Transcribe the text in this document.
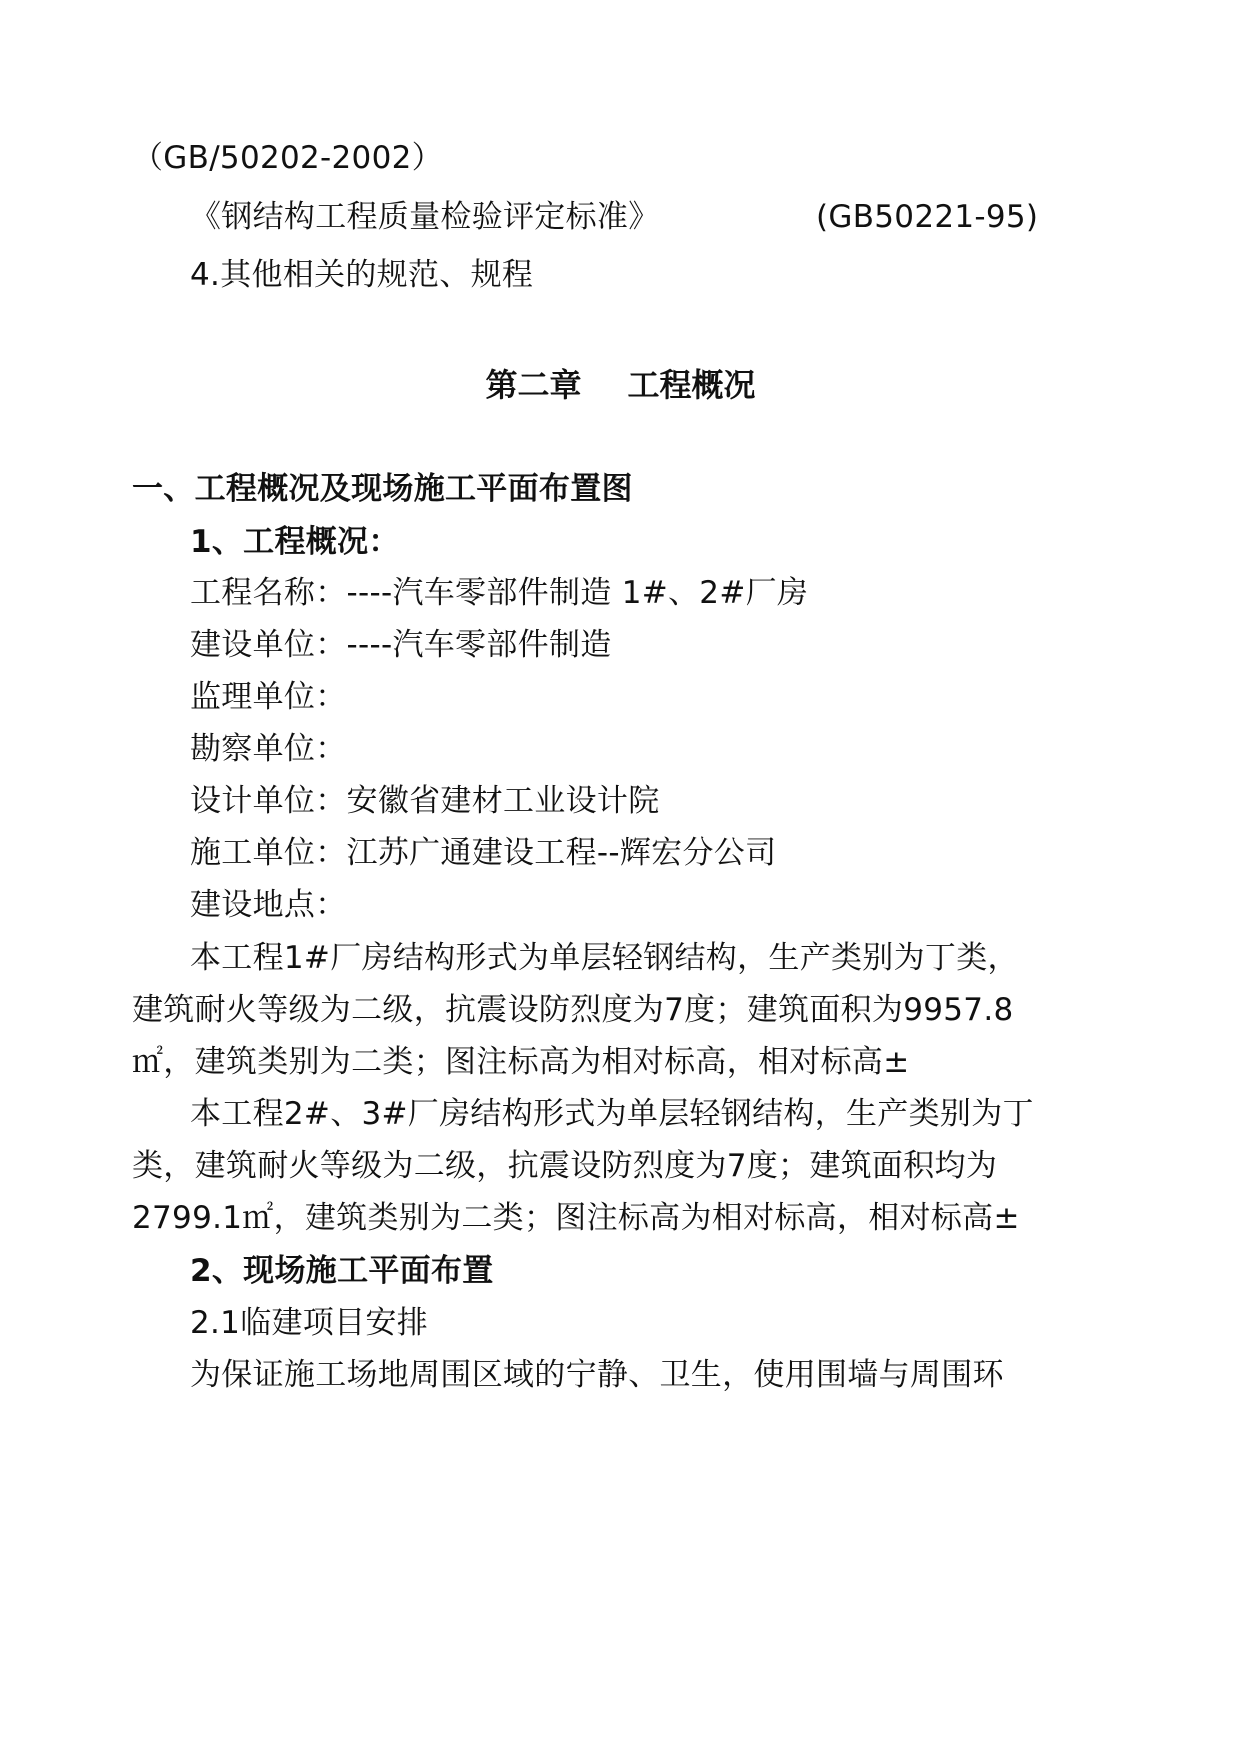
（GB/50202-2002）
《钢结构工程质量检验评定标准》	(GB50221-95)
4.其他相关的规范、规程
第二章 工程概况
一、工程概况及现场施工平面布置图
1、工程概况：
工程名称：----汽车零部件制造 1#、2#厂房
建设单位：----汽车零部件制造
监理单位：
勘察单位：
设计单位：安徽省建材工业设计院
施工单位：江苏广通建设工程--辉宏分公司
建设地点：
本工程1#厂房结构形式为单层轻钢结构，生产类别为丁类，
建筑耐火等级为二级，抗震设防烈度为7度；建筑面积为9957.8
㎡，建筑类别为二类；图注标高为相对标高，相对标高±
本工程2#、3#厂房结构形式为单层轻钢结构，生产类别为丁
类，建筑耐火等级为二级，抗震设防烈度为7度；建筑面积均为
2799.1㎡，建筑类别为二类；图注标高为相对标高，相对标高±
2、现场施工平面布置
2.1临建项目安排
为保证施工场地周围区域的宁静、卫生，使用围墙与周围环
